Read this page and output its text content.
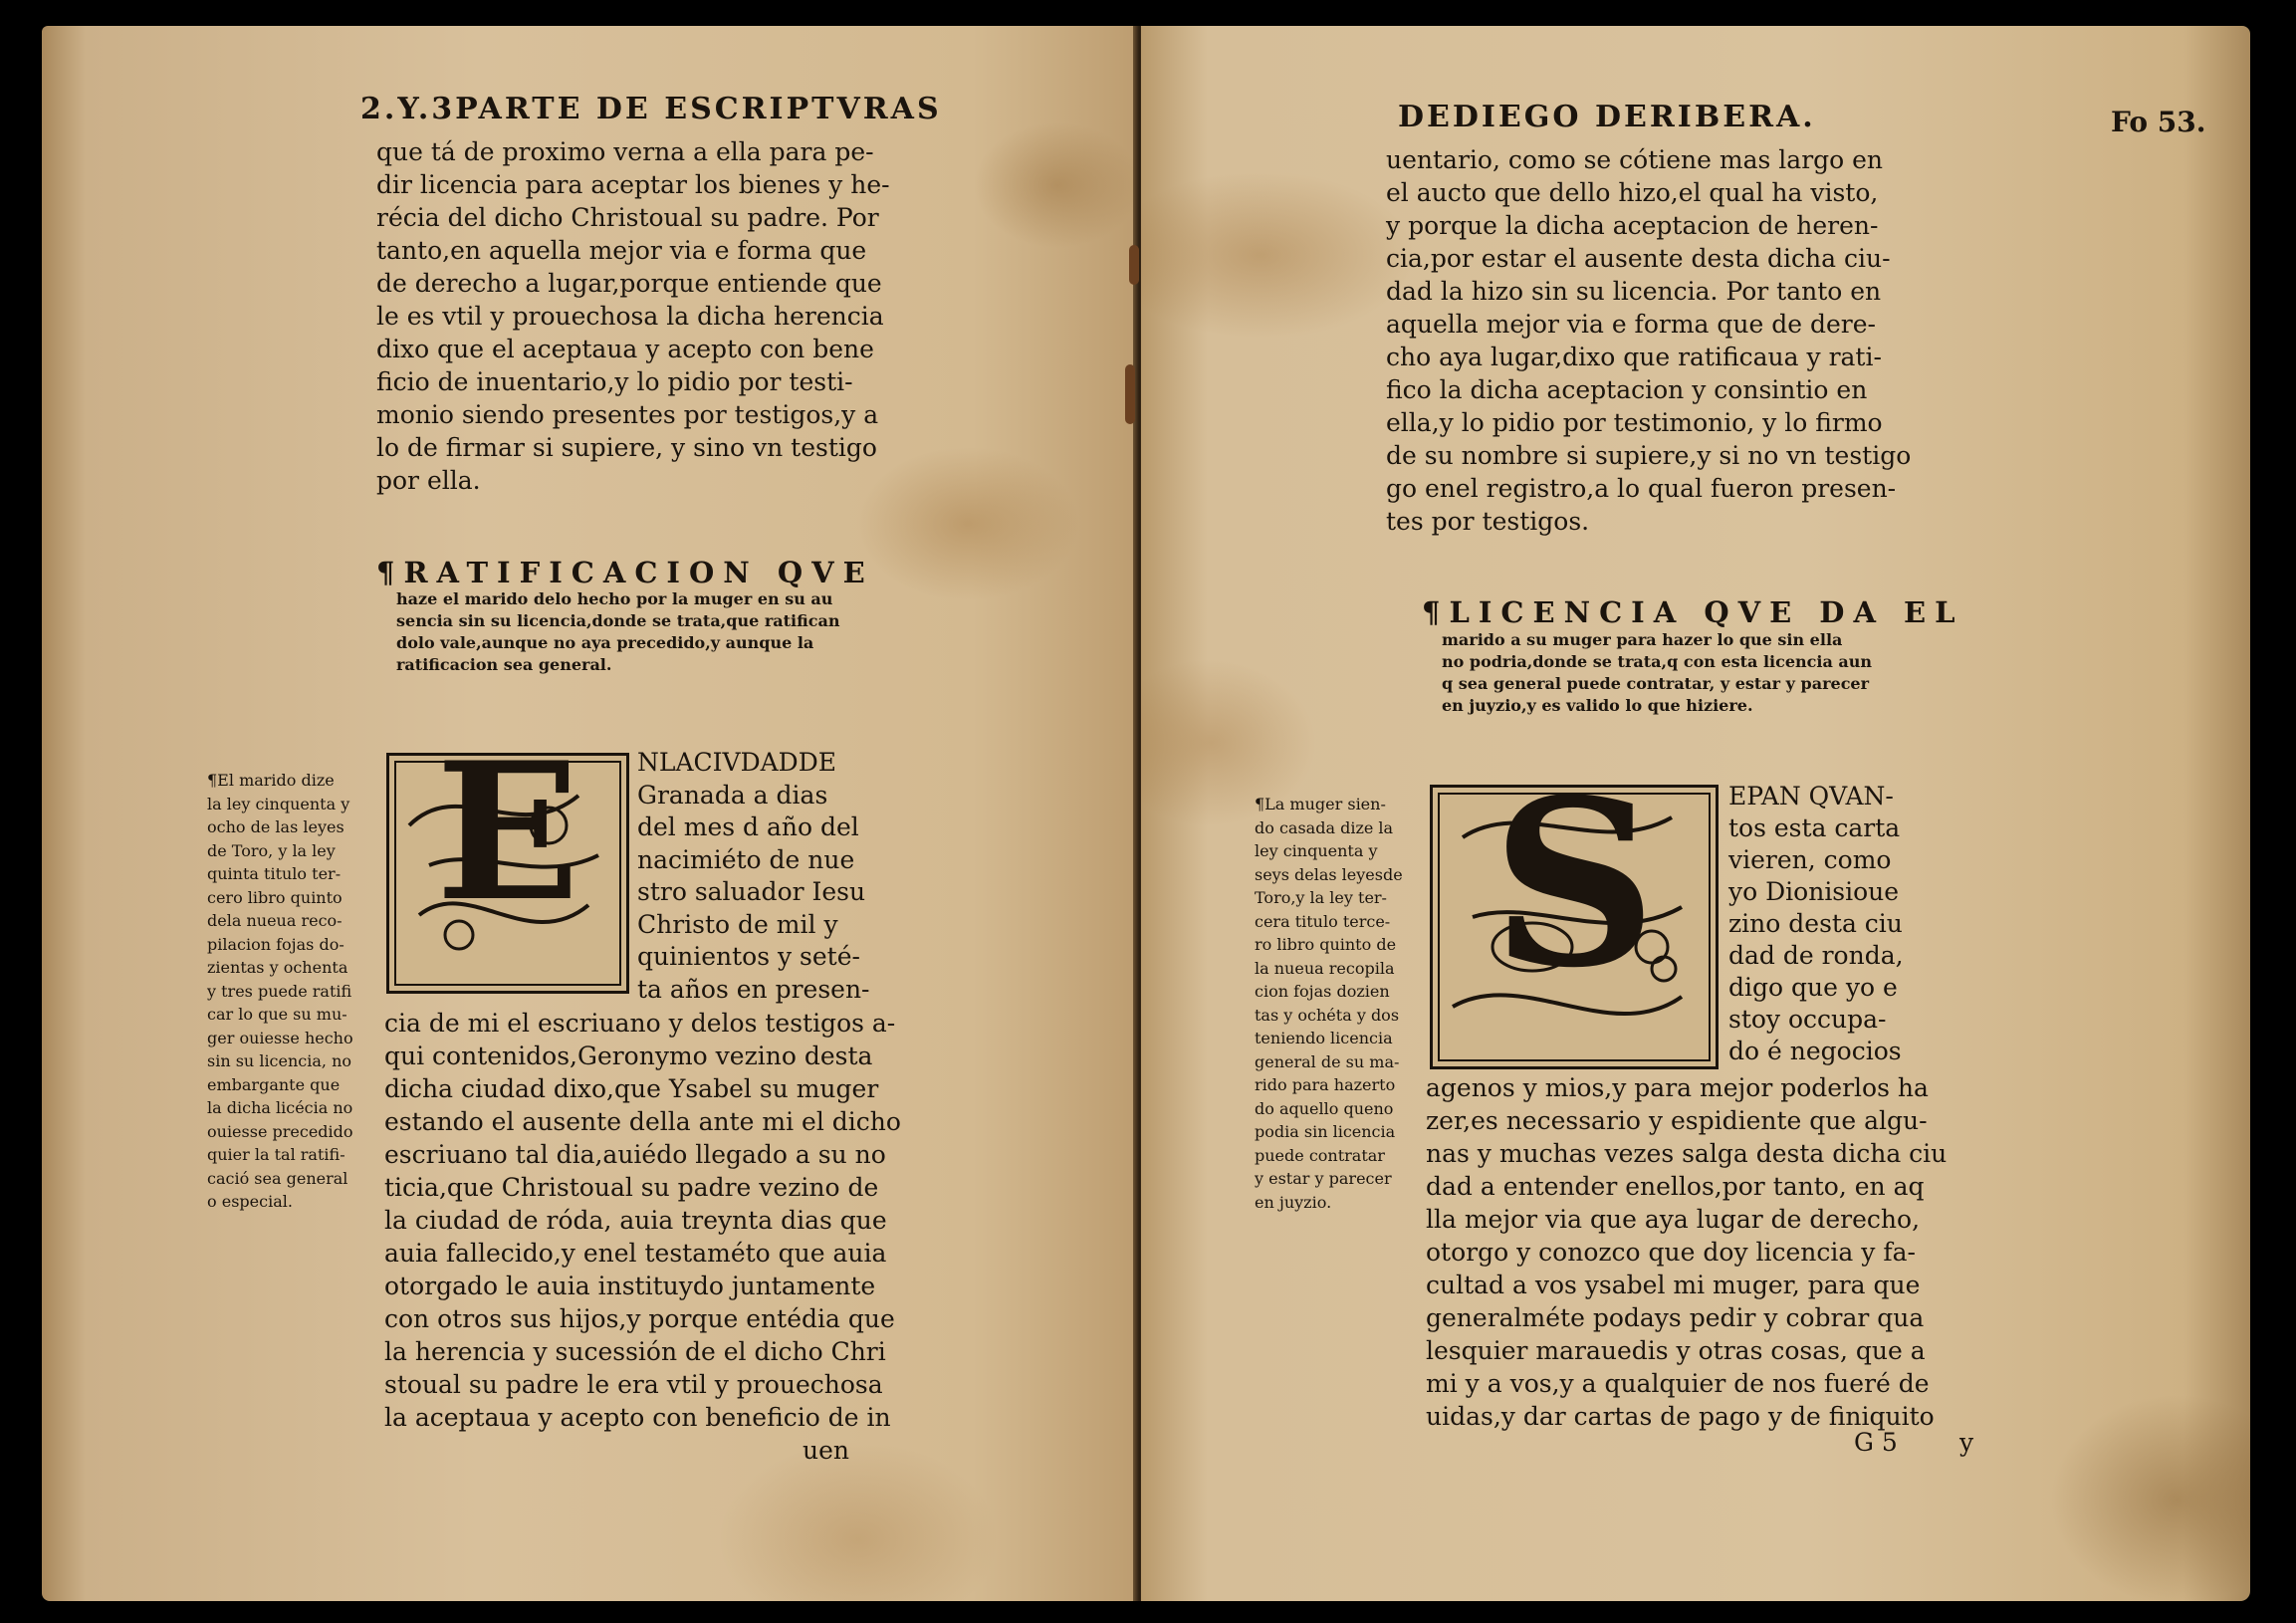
2.Y.3PARTE DE ESCRIPTVRAS
que tá de proximo verna a ella para pe-
dir licencia para aceptar los bienes y he-
récia del dicho Christoual su padre. Por
tanto,en aquella mejor via e forma que
de derecho a lugar,porque entiende que
le es vtil y prouechosa la dicha herencia
dixo que el aceptaua y acepto con bene
ficio de inuentario,y lo pidio por testi-
monio siendo presentes por testigos,y a
lo de firmar si supiere, y sino vn testigo
por ella.
¶RATIFICACION QVE
haze el marido delo hecho por la muger en su au
sencia sin su licencia,donde se trata,que ratifican
dolo vale,aunque no aya precedido,y aunque la
ratificacion sea general.
¶El marido dize
la ley cinquenta y
ocho de las leyes
de Toro, y la ley
quinta titulo ter-
cero libro quinto
dela nueua reco-
pilacion fojas do-
zientas y ochenta
y tres puede ratifi
car lo que su mu-
ger ouiesse hecho
sin su licencia, no
embargante que
la dicha licécia no
ouiesse precedido
quier la tal ratifi-
cació sea general
o especial.
E	NLACIVDADDE
Granada a dias
del mes d año del
nacimiéto de nue
stro saluador Iesu
Christo de mil y
quinientos y seté-
ta años en presen-
cia de mi el escriuano y delos testigos a-
qui contenidos,Geronymo vezino desta
dicha ciudad dixo,que Ysabel su muger
estando el ausente della ante mi el dicho
escriuano tal dia,auiédo llegado a su no
ticia,que Christoual su padre vezino de
la ciudad de róda, auia treynta dias que
auia fallecido,y enel testaméto que auia
otorgado le auia instituydo juntamente
con otros sus hijos,y porque entédia que
la herencia y sucessión de el dicho Chri
stoual su padre le era vtil y prouechosa
la aceptaua y acepto con beneficio de in
uen
DEDIEGO DERIBERA.	Fo 53.
uentario, como se cótiene mas largo en
el aucto que dello hizo,el qual ha visto,
y porque la dicha aceptacion de heren-
cia,por estar el ausente desta dicha ciu-
dad la hizo sin su licencia. Por tanto en
aquella mejor via e forma que de dere-
cho aya lugar,dixo que ratificaua y rati-
fico la dicha aceptacion y consintio en
ella,y lo pidio por testimonio, y lo firmo
de su nombre si supiere,y si no vn testigo
go enel registro,a lo qual fueron presen-
tes por testigos.
¶LICENCIA QVE DA EL
marido a su muger para hazer lo que sin ella
no podria,donde se trata,q con esta licencia aun
q sea general puede contratar, y estar y parecer
en juyzio,y es valido lo que hiziere.
¶La muger sien-
do casada dize la
ley cinquenta y
seys delas leyesde
Toro,y la ley ter-
cera titulo terce-
ro libro quinto de
la nueua recopila
cion fojas dozien
tas y ochéta y dos
teniendo licencia
general de su ma-
rido para hazerto
do aquello queno
podia sin licencia
puede contratar
y estar y parecer
en juyzio.
S	EPAN QVAN-
tos esta carta
vieren, como
yo Dionisioue
zino desta ciu
dad de ronda,
digo que yo e
stoy occupa-
do é negocios
agenos y mios,y para mejor poderlos ha
zer,es necessario y espidiente que algu-
nas y muchas vezes salga desta dicha ciu
dad a entender enellos,por tanto, en aq
lla mejor via que aya lugar de derecho,
otorgo y conozco que doy licencia y fa-
cultad a vos ysabel mi muger, para que
generalméte podays pedir y cobrar qua
lesquier marauedis y otras cosas, que a
mi y a vos,y a qualquier de nos fueré de
uidas,y dar cartas de pago y de finiquito
G 5 y
